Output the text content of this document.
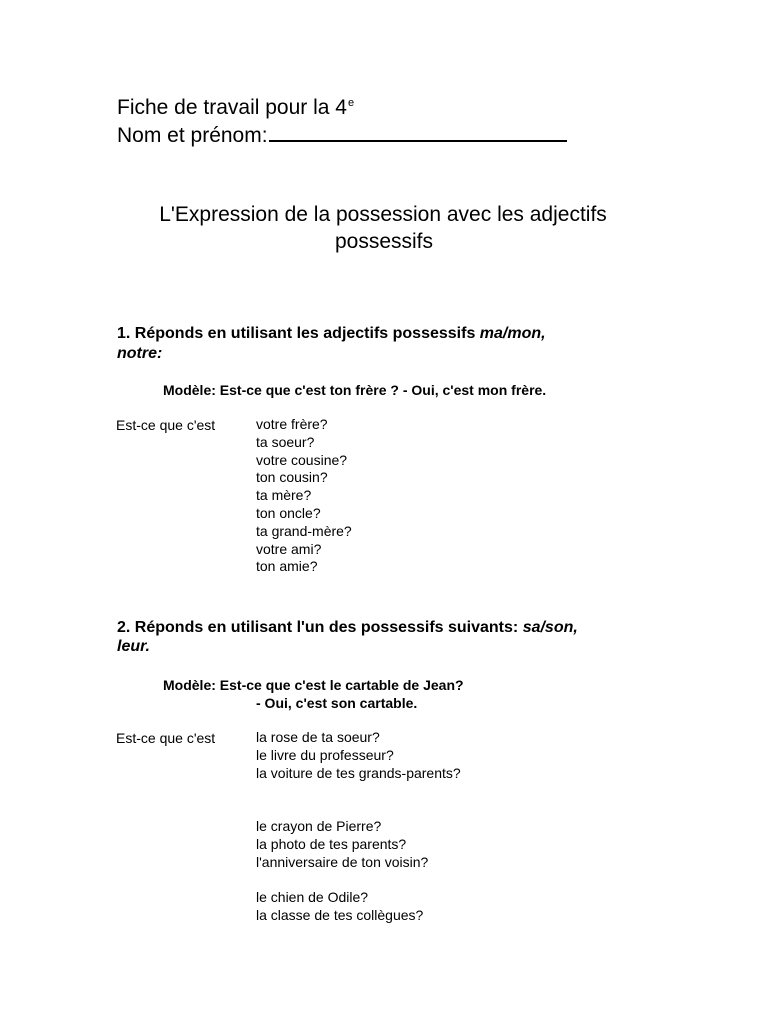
Fiche de travail pour la 4e
Nom et prénom:
L'Expression de la possession avec les adjectifs
possessifs
1. Réponds en utilisant les adjectifs possessifs ma/mon,
notre:
Modèle: Est-ce que c'est ton frère ? - Oui, c'est mon frère.
Est-ce que c'est	votre frère?
ta soeur?
votre cousine?
ton cousin?
ta mère?
ton oncle?
ta grand-mère?
votre ami?
ton amie?
2. Réponds en utilisant l'un des possessifs suivants: sa/son,
leur.
Modèle: Est-ce que c'est le cartable de Jean?
- Oui, c'est son cartable.
Est-ce que c'est	la rose de ta soeur?
le livre du professeur?
la voiture de tes grands-parents?
le crayon de Pierre?
la photo de tes parents?
l'anniversaire de ton voisin?
le chien de Odile?
la classe de tes collègues?
